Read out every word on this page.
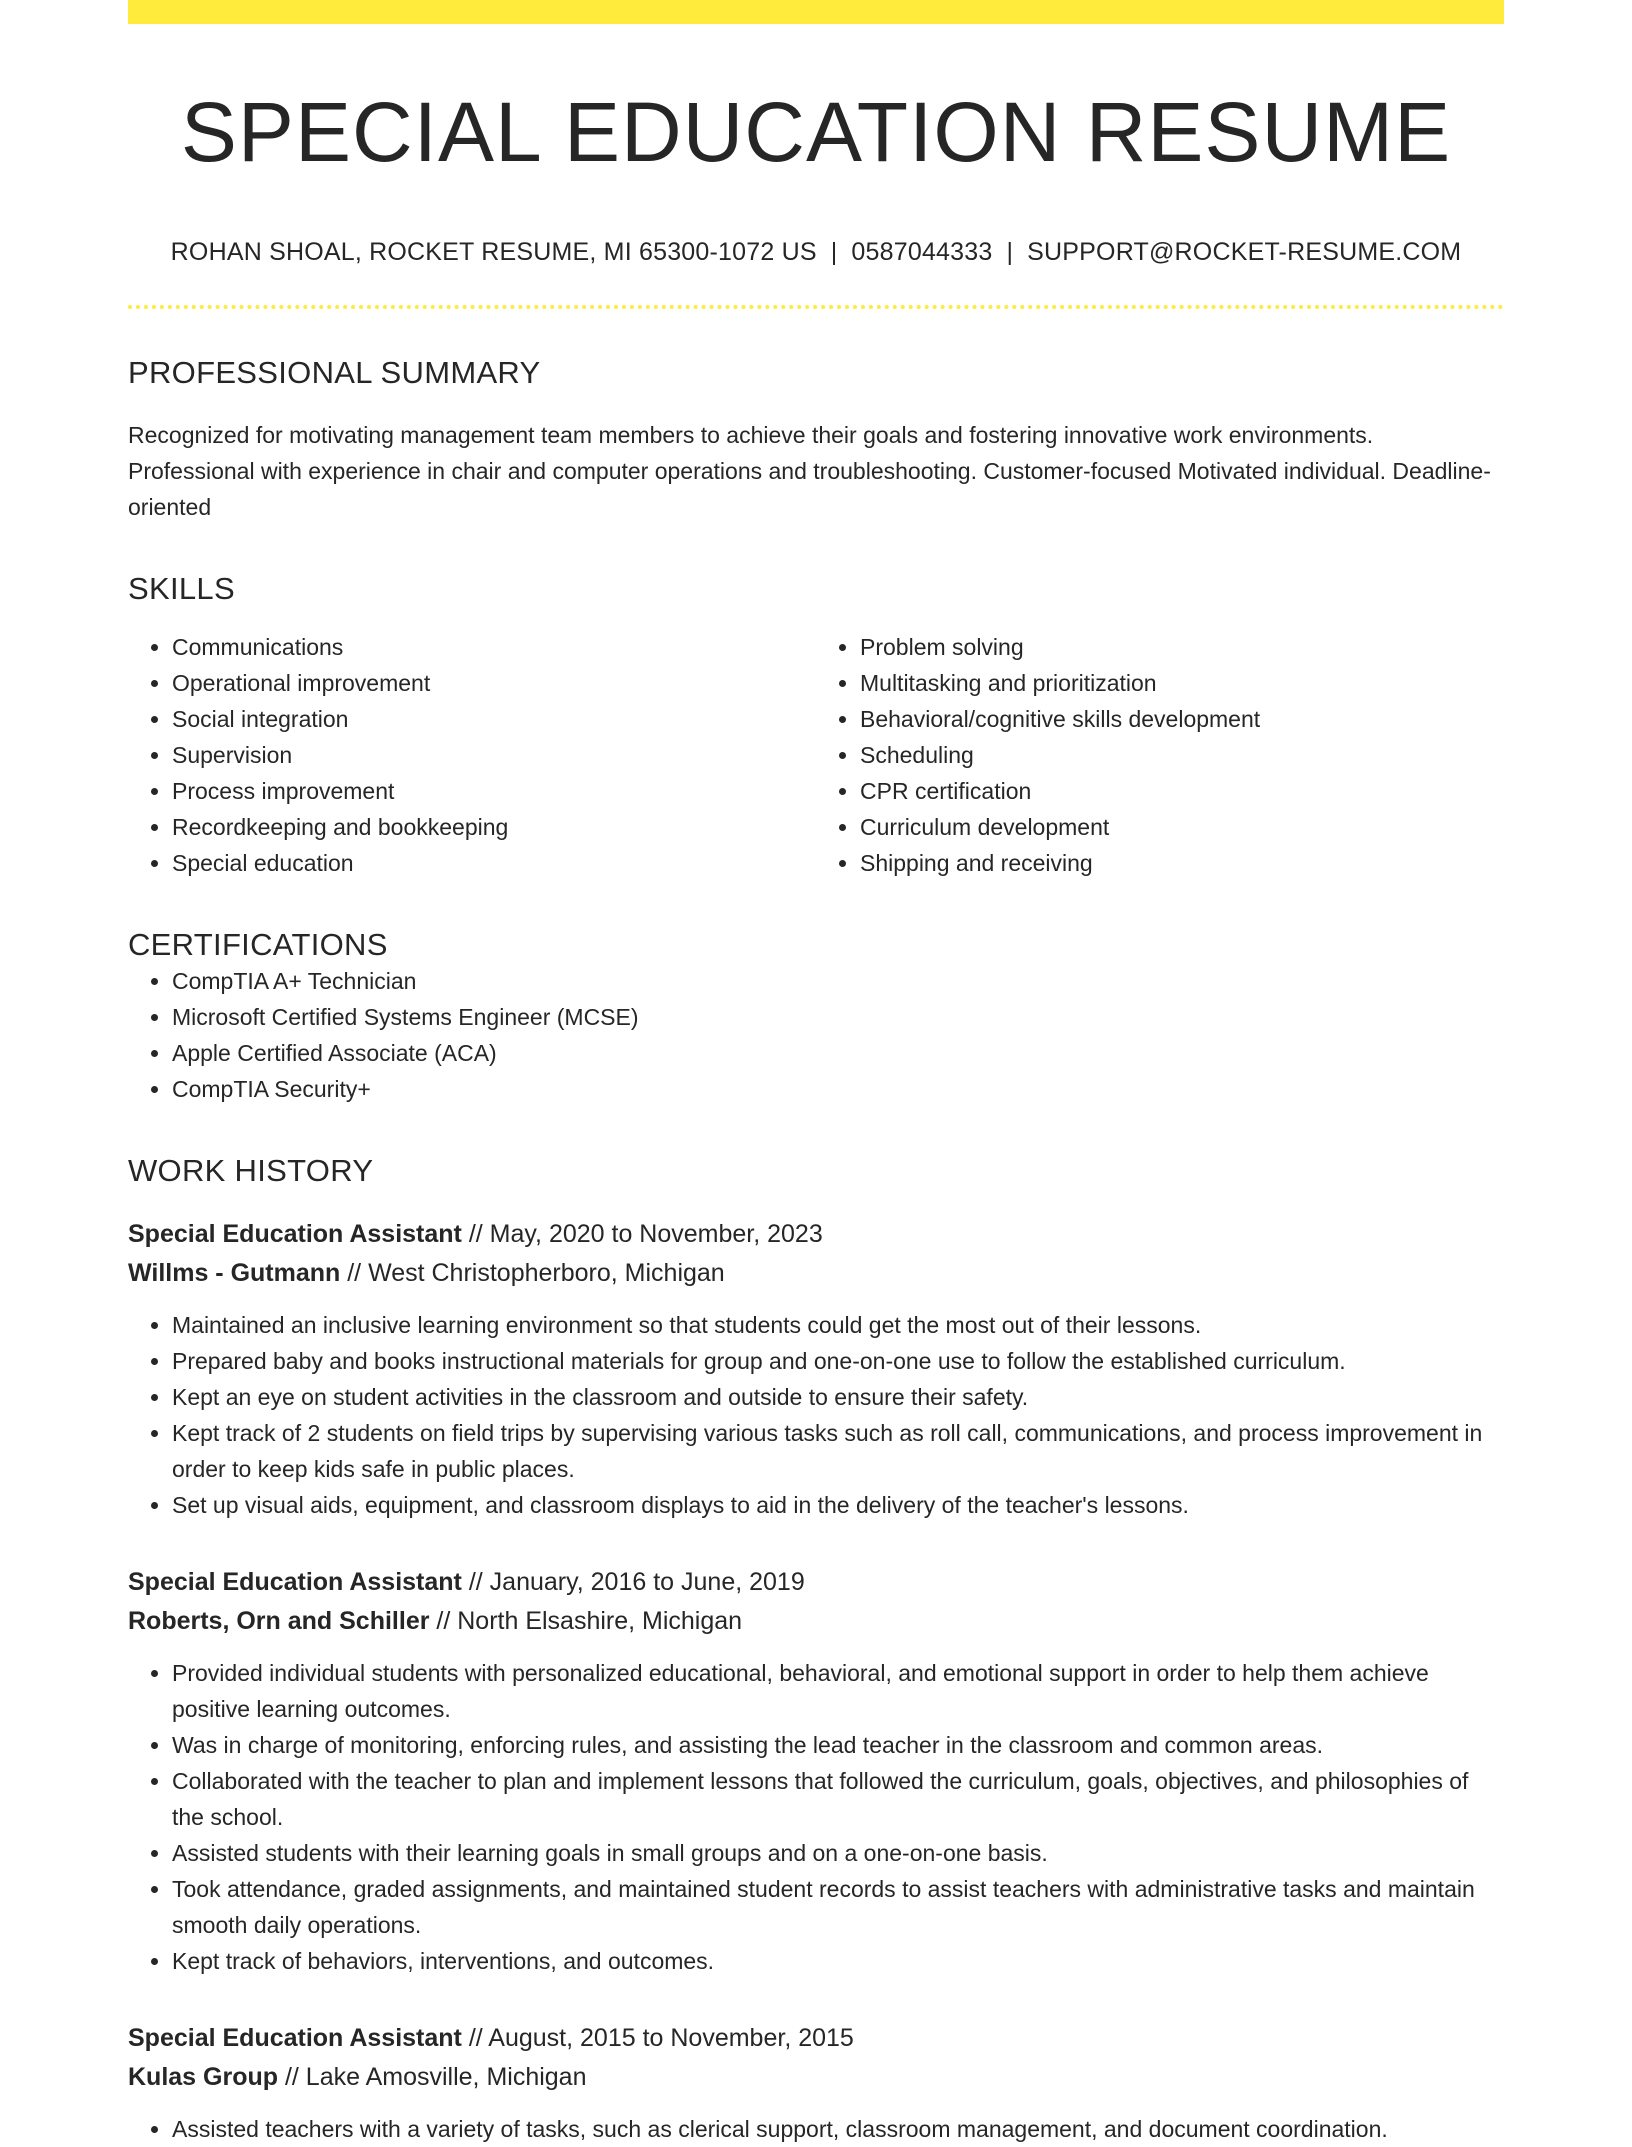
SPECIAL EDUCATION RESUME
ROHAN SHOAL, ROCKET RESUME, MI 65300-1072 US | 0587044333 | SUPPORT@ROCKET-RESUME.COM
PROFESSIONAL SUMMARY
Recognized for motivating management team members to achieve their goals and fostering innovative work environments. Professional with experience in chair and computer operations and troubleshooting. Customer-focused Motivated individual. Deadline-oriented
SKILLS
• Communications
• Operational improvement
• Social integration
• Supervision
• Process improvement
• Recordkeeping and bookkeeping
• Special education
• Problem solving
• Multitasking and prioritization
• Behavioral/cognitive skills development
• Scheduling
• CPR certification
• Curriculum development
• Shipping and receiving
CERTIFICATIONS
• CompTIA A+ Technician
• Microsoft Certified Systems Engineer (MCSE)
• Apple Certified Associate (ACA)
• CompTIA Security+
WORK HISTORY
Special Education Assistant // May, 2020 to November, 2023
Willms - Gutmann // West Christopherboro, Michigan
• Maintained an inclusive learning environment so that students could get the most out of their lessons.
• Prepared baby and books instructional materials for group and one-on-one use to follow the established curriculum.
• Kept an eye on student activities in the classroom and outside to ensure their safety.
• Kept track of 2 students on field trips by supervising various tasks such as roll call, communications, and process improvement in order to keep kids safe in public places.
• Set up visual aids, equipment, and classroom displays to aid in the delivery of the teacher's lessons.
Special Education Assistant // January, 2016 to June, 2019
Roberts, Orn and Schiller // North Elsashire, Michigan
• Provided individual students with personalized educational, behavioral, and emotional support in order to help them achieve positive learning outcomes.
• Was in charge of monitoring, enforcing rules, and assisting the lead teacher in the classroom and common areas.
• Collaborated with the teacher to plan and implement lessons that followed the curriculum, goals, objectives, and philosophies of the school.
• Assisted students with their learning goals in small groups and on a one-on-one basis.
• Took attendance, graded assignments, and maintained student records to assist teachers with administrative tasks and maintain smooth daily operations.
• Kept track of behaviors, interventions, and outcomes.
Special Education Assistant // August, 2015 to November, 2015
Kulas Group // Lake Amosville, Michigan
• Assisted teachers with a variety of tasks, such as clerical support, classroom management, and document coordination.
